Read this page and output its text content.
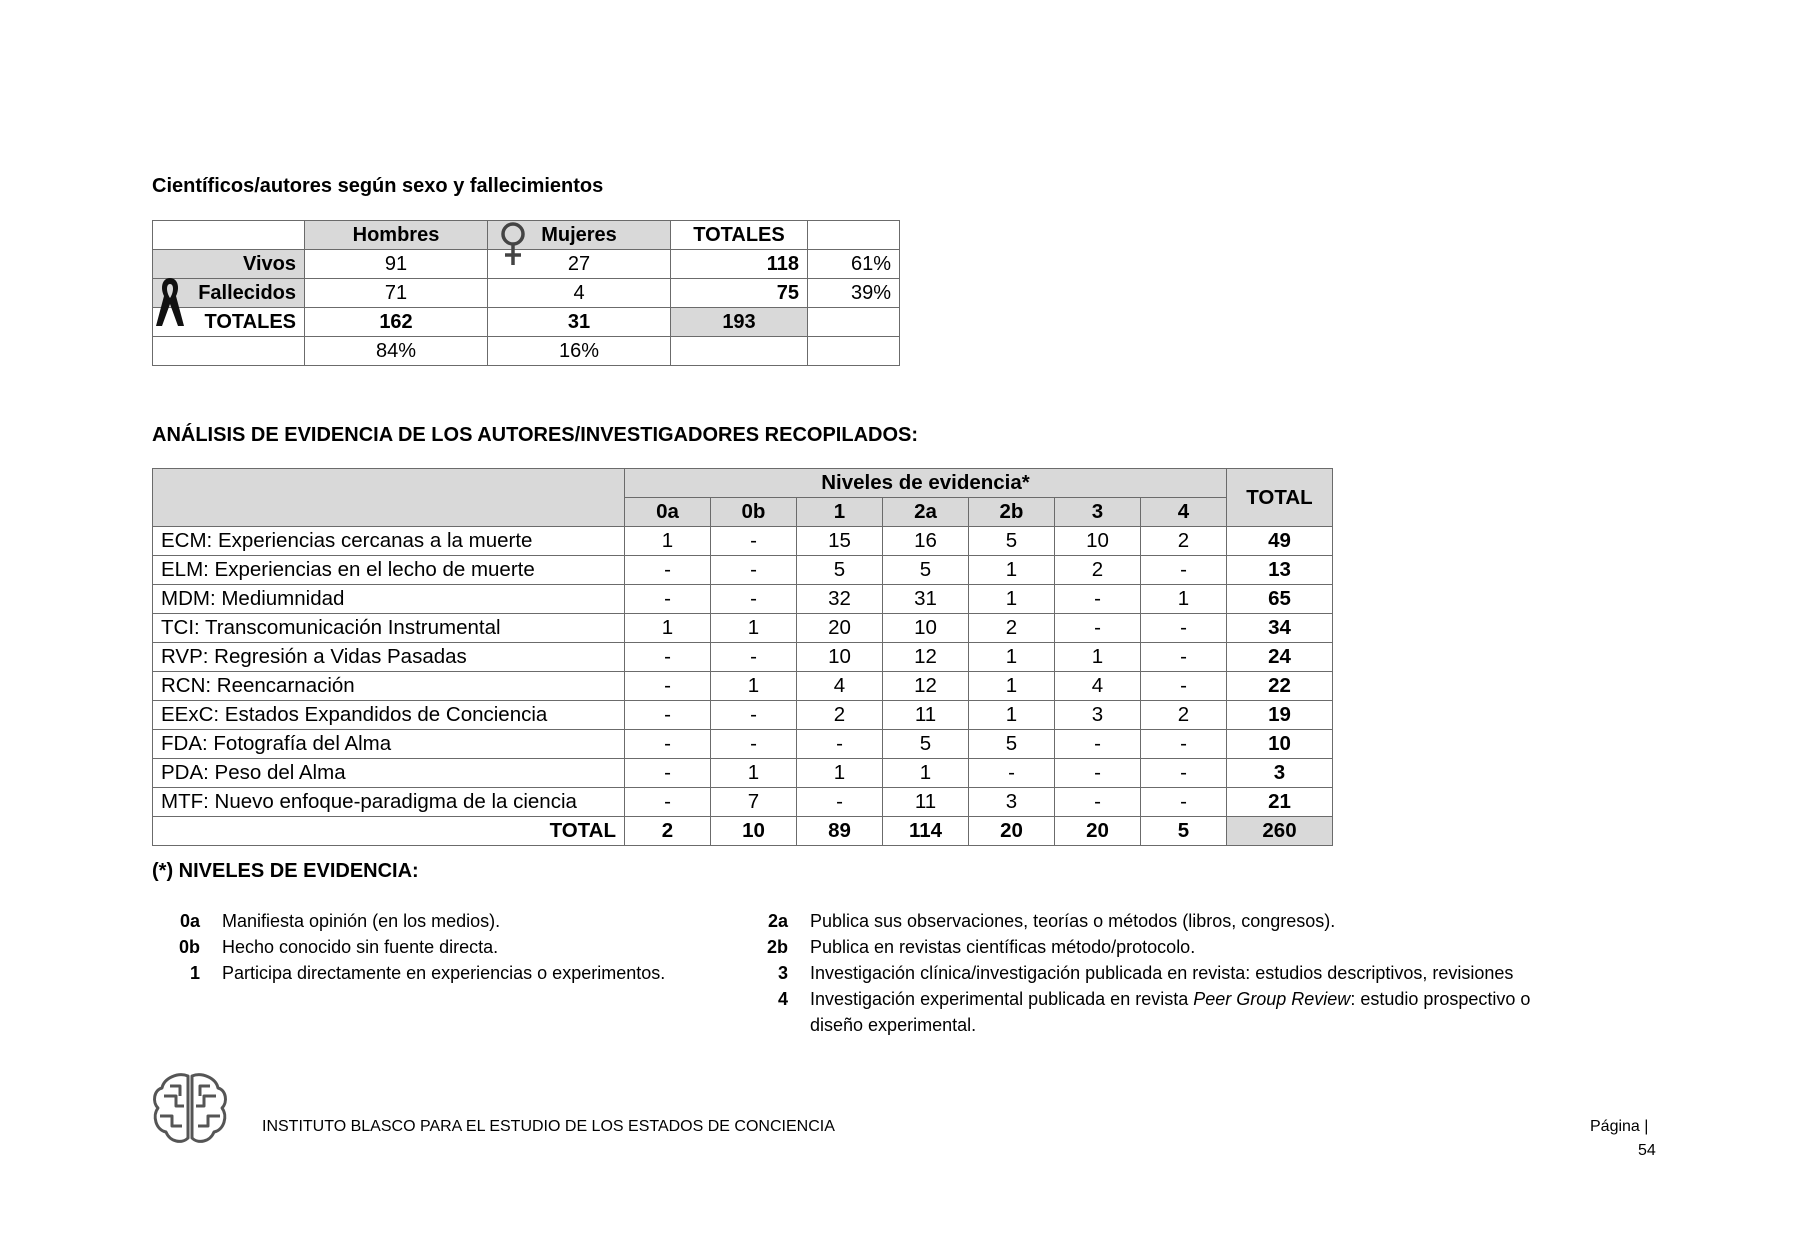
Científicos/autores según sexo y fallecimientos
	Hombres	Mujeres	TOTALES	
Vivos	91	27	118	61%
Fallecidos	71	4	75	39%
TOTALES	162	31	193	
	84%	16%		
ANÁLISIS DE EVIDENCIA DE LOS AUTORES/INVESTIGADORES RECOPILADOS:
	Niveles de evidencia*							TOTAL
	0a	0b	1	2a	2b	3	4	
ECM: Experiencias cercanas a la muerte	1	-	15	16	5	10	2	49
ELM: Experiencias en el lecho de muerte	-	-	5	5	1	2	-	13
MDM: Mediumnidad	-	-	32	31	1	-	1	65
TCI: Transcomunicación Instrumental	1	1	20	10	2	-	-	34
RVP: Regresión a Vidas Pasadas	-	-	10	12	1	1	-	24
RCN: Reencarnación	-	1	4	12	1	4	-	22
EExC: Estados Expandidos de Conciencia	-	-	2	11	1	3	2	19
FDA: Fotografía del Alma	-	-	-	5	5	-	-	10
PDA: Peso del Alma	-	1	1	1	-	-	-	3
MTF: Nuevo enfoque-paradigma de la ciencia	-	7	-	11	3	-	-	21
TOTAL	2	10	89	114	20	20	5	260
(*) NIVELES DE EVIDENCIA:
0a	Manifiesta opinión (en los medios).
0b	Hecho conocido sin fuente directa.
1	Participa directamente en experiencias o experimentos.
2a	Publica sus observaciones, teorías o métodos (libros, congresos).
2b	Publica en revistas científicas método/protocolo.
3	Investigación clínica/investigación publicada en revista: estudios descriptivos, revisiones
4	Investigación experimental publicada en revista Peer Group Review: estudio prospectivo o
diseño experimental.
INSTITUTO BLASCO PARA EL ESTUDIO DE LOS ESTADOS DE CONCIENCIA	Página |
54
